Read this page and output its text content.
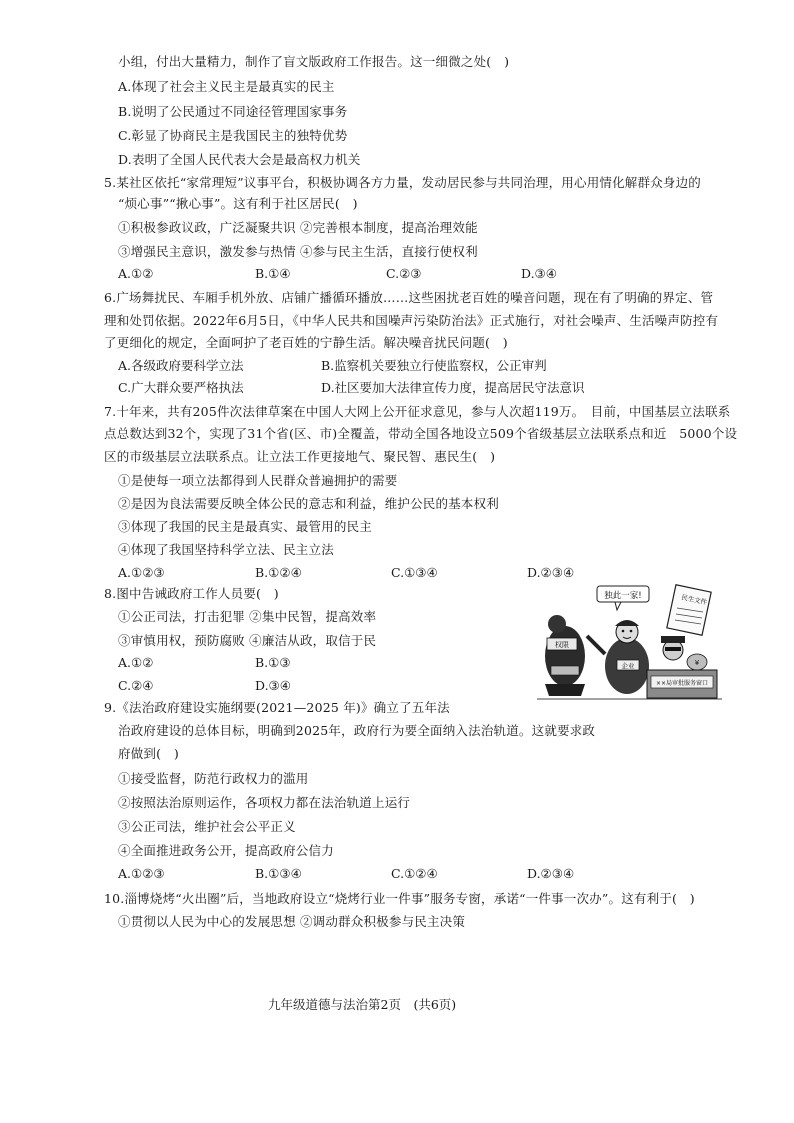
小组，付出大量精力，制作了盲文版政府工作报告。这一细微之处(　)
A.体现了社会主义民主是最真实的民主
B.说明了公民通过不同途径管理国家事务
C.彰显了协商民主是我国民主的独特优势
D.表明了全国人民代表大会是最高权力机关
5.某社区依托“家常理短”议事平台，积极协调各方力量，发动居民参与共同治理，用心用情化解群众身边的
“烦心事”“揪心事”。这有利于社区居民(　)
①积极参政议政，广泛凝聚共识 ②完善根本制度，提高治理效能
③增强民主意识，激发参与热情 ④参与民主生活，直接行使权利
A.①②	B.①④	C.②③	D.③④
6.广场舞扰民、车厢手机外放、店铺广播循环播放……这些困扰老百姓的噪音问题，现在有了明确的界定、管
理和处罚依据。2022年6月5日，《中华人民共和国噪声污染防治法》正式施行，对社会噪声、生活噪声防控有
了更细化的规定，全面呵护了老百姓的宁静生活。解决噪音扰民问题(　)
A.各级政府要科学立法	B.监察机关要独立行使监察权，公正审判
C.广大群众要严格执法	D.社区要加大法律宣传力度，提高居民守法意识
7.十年来，共有205件次法律草案在中国人大网上公开征求意见，参与人次超119万。　目前，中国基层立法联系
点总数达到32个，实现了31个省(区、市)全覆盖，带动全国各地设立509个省级基层立法联系点和近　5000个设
区的市级基层立法联系点。让立法工作更接地气、聚民智、惠民生(　)
①是使每一项立法都得到人民群众普遍拥护的需要
②是因为良法需要反映全体公民的意志和利益，维护公民的基本权利
③体现了我国的民主是最真实、最管用的民主
④体现了我国坚持科学立法、民主立法
A.①②③	B.①②④	C.①③④	D.②③④
8.图中告诫政府工作人员要(　)
①公正司法，打击犯罪 ②集中民智，提高效率
③审慎用权，预防腐败 ④廉洁从政，取信于民
A.①②	B.①③
C.②④	D.③④
独此一家!	民生文件
权限
企业	¥
××局审批服务窗口
9.《法治政府建设实施纲要(2021—2025 年)》确立了五年法
治政府建设的总体目标，明确到2025年，政府行为要全面纳入法治轨道。这就要求政
府做到(　)
①接受监督，防范行政权力的滥用
②按照法治原则运作，各项权力都在法治轨道上运行
③公正司法，维护社会公平正义
④全面推进政务公开，提高政府公信力
A.①②③	B.①③④	C.①②④	D.②③④
10.淄博烧烤“火出圈”后，当地政府设立“烧烤行业一件事”服务专窗，承诺“一件事一次办”。这有利于(　)
①贯彻以人民为中心的发展思想 ②调动群众积极参与民主决策
九年级道德与法治第2页　(共6页)
